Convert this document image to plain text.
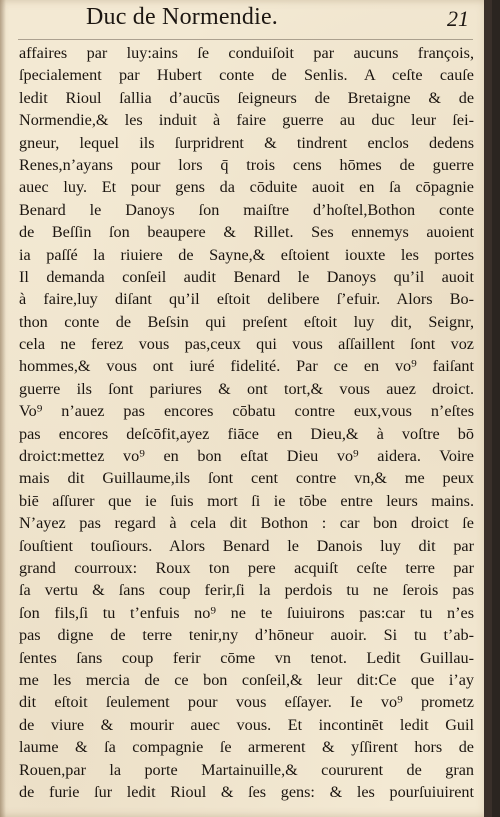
Duc de Normendie.	21
affaires par luy:ains ſe conduiſoit par aucuns françois,
ſpecialement par Hubert conte de Senlis. A ceſte cauſe
ledit Rioul ſallia d’aucūs ſeigneurs de Bretaigne & de
Normendie,& les induit à faire guerre au duc leur ſei-
gneur, lequel ils ſurpridrent & tindrent enclos dedens
Renes,n’ayans pour lors q̄ trois cens hōmes de guerre
auec luy. Et pour gens da cōduite auoit en ſa cōpagnie
Benard le Danoys ſon maiſtre d’hoſtel,Bothon conte
de Beſſin ſon beaupere & Rillet. Ses ennemys auoient
ia paſſé la riuiere de Sayne,& eſtoient iouxte les portes
Il demanda conſeil audit Benard le Danoys qu’il auoit
à faire,luy diſant qu’il eſtoit delibere ſ’efuir. Alors Bo-
thon conte de Beſsin qui preſent eſtoit luy dit, Seignr,
cela ne ferez vous pas,ceux qui vous aſſaillent ſont voz
hommes,& vous ont iuré fidelité. Par ce en vo⁹ faiſant
guerre ils ſont pariures & ont tort,& vous auez droict.
Vo⁹ n’auez pas encores cōbatu contre eux,vous n’eſtes
pas encores deſcōfit,ayez fiāce en Dieu,& à voſtre bō
droict:mettez vo⁹ en bon eſtat Dieu vo⁹ aidera. Voire
mais dit Guillaume,ils ſont cent contre vn,& me peux
biē aſſurer que ie ſuis mort ſi ie tōbe entre leurs mains.
N’ayez pas regard à cela dit Bothon : car bon droict ſe
ſouſtient touſiours. Alors Benard le Danois luy dit par
grand courroux: Roux ton pere acquiſt ceſte terre par
ſa vertu & ſans coup ferir,ſi la perdois tu ne ſerois pas
ſon fils,ſi tu t’enfuis no⁹ ne te ſuiuirons pas:car tu n’es
pas digne de terre tenir,ny d’hōneur auoir. Si tu t’ab-
ſentes ſans coup ferir cōme vn tenot. Ledit Guillau-
me les mercia de ce bon conſeil,& leur dit:Ce que i’ay
dit eſtoit ſeulement pour vous eſſayer. Ie vo⁹ prometz
de viure & mourir auec vous. Et incontinēt ledit Guil
laume & ſa compagnie ſe armerent & yſſirent hors de
Rouen,par la porte Martainuille,& coururent de gran
de furie ſur ledit Rioul & ſes gens: & les pourſuiuirent
